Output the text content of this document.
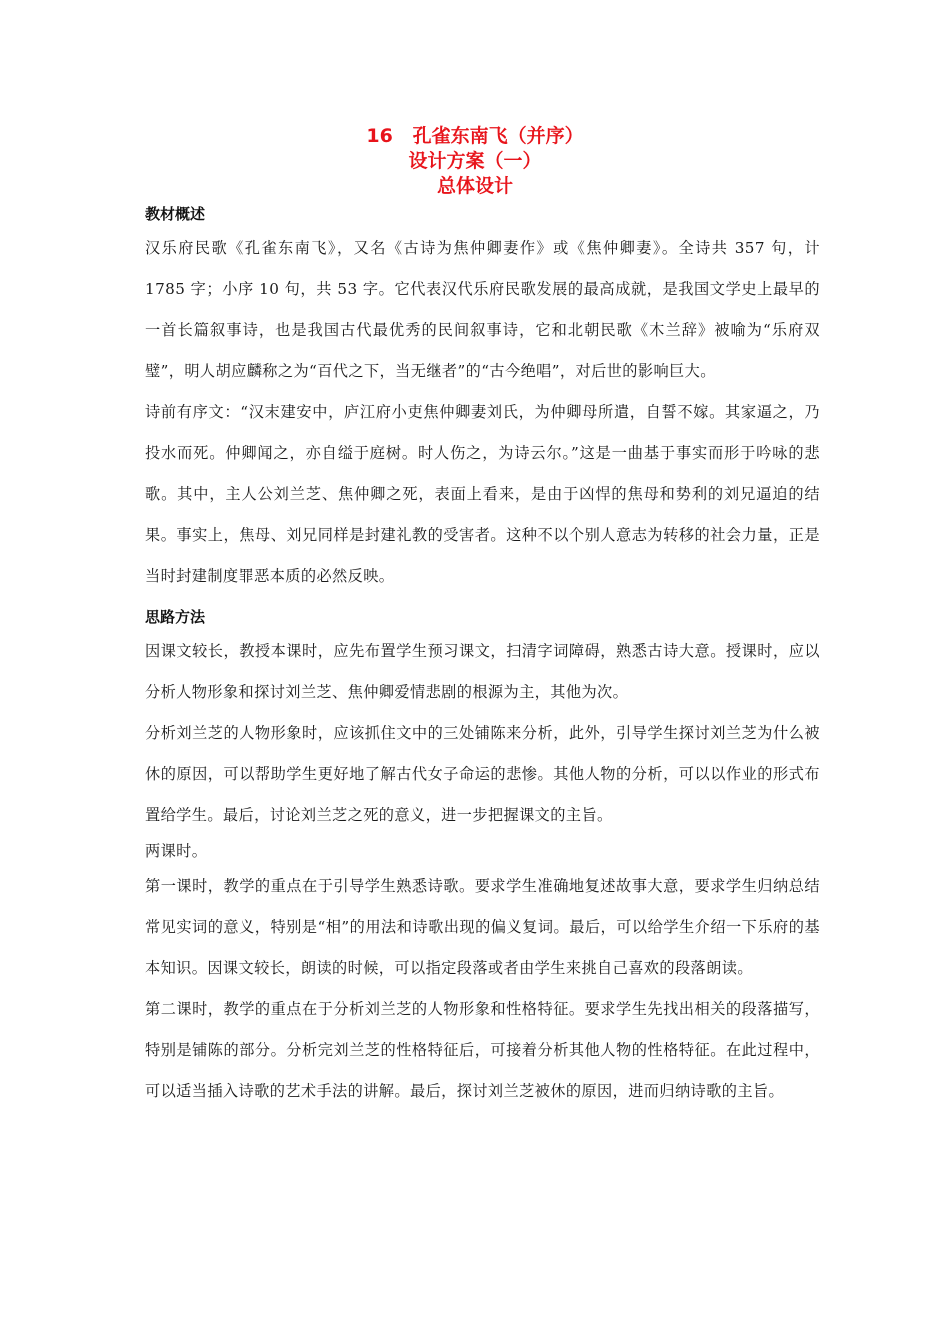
16   孔雀东南飞（并序）
设计方案（一）
总体设计

教材概述

汉乐府民歌《孔雀东南飞》，又名《古诗为焦仲卿妻作》或《焦仲卿妻》。全诗共 357 句，计 1785 字；小序 10 句，共 53 字。它代表汉代乐府民歌发展的最高成就，是我国文学史上最早的一首长篇叙事诗，也是我国古代最优秀的民间叙事诗，它和北朝民歌《木兰辞》被喻为“乐府双璧”，明人胡应麟称之为“百代之下，当无继者”的“古今绝唱”，对后世的影响巨大。

诗前有序文：“汉末建安中，庐江府小吏焦仲卿妻刘氏，为仲卿母所遣，自誓不嫁。其家逼之，乃投水而死。仲卿闻之，亦自缢于庭树。时人伤之，为诗云尔。”这是一曲基于事实而形于吟咏的悲歌。其中，主人公刘兰芝、焦仲卿之死，表面上看来，是由于凶悍的焦母和势利的刘兄逼迫的结果。事实上，焦母、刘兄同样是封建礼教的受害者。这种不以个别人意志为转移的社会力量，正是当时封建制度罪恶本质的必然反映。

思路方法

因课文较长，教授本课时，应先布置学生预习课文，扫清字词障碍，熟悉古诗大意。授课时，应以分析人物形象和探讨刘兰芝、焦仲卿爱情悲剧的根源为主，其他为次。

分析刘兰芝的人物形象时，应该抓住文中的三处铺陈来分析，此外，引导学生探讨刘兰芝为什么被休的原因，可以帮助学生更好地了解古代女子命运的悲惨。其他人物的分析，可以以作业的形式布置给学生。最后，讨论刘兰芝之死的意义，进一步把握课文的主旨。

两课时。

第一课时，教学的重点在于引导学生熟悉诗歌。要求学生准确地复述故事大意，要求学生归纳总结常见实词的意义，特别是“相”的用法和诗歌出现的偏义复词。最后，可以给学生介绍一下乐府的基本知识。因课文较长，朗读的时候，可以指定段落或者由学生来挑自己喜欢的段落朗读。

第二课时，教学的重点在于分析刘兰芝的人物形象和性格特征。要求学生先找出相关的段落描写，特别是铺陈的部分。分析完刘兰芝的性格特征后，可接着分析其他人物的性格特征。在此过程中，可以适当插入诗歌的艺术手法的讲解。最后，探讨刘兰芝被休的原因，进而归纳诗歌的主旨。
